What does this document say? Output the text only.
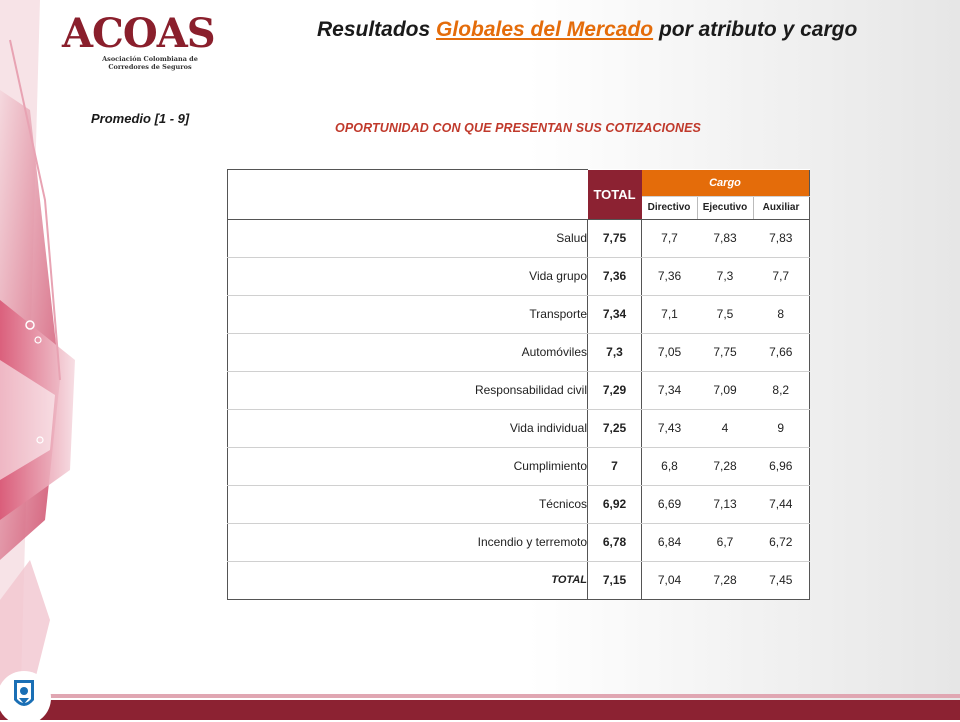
ACOAS
Asociación Colombiana de
Corredores de Seguros
Resultados Globales del Mercado por atributo y cargo
Promedio [1 - 9]
OPORTUNIDAD CON QUE PRESENTAN SUS COTIZACIONES
	TOTAL	Cargo		
		Directivo	Ejecutivo	Auxiliar
Salud	7,75	7,7	7,83	7,83
Vida grupo	7,36	7,36	7,3	7,7
Transporte	7,34	7,1	7,5	8
Automóviles	7,3	7,05	7,75	7,66
Responsabilidad civil	7,29	7,34	7,09	8,2
Vida individual	7,25	7,43	4	9
Cumplimiento	7	6,8	7,28	6,96
Técnicos	6,92	6,69	7,13	7,44
Incendio y terremoto	6,78	6,84	6,7	6,72
TOTAL	7,15	7,04	7,28	7,45
